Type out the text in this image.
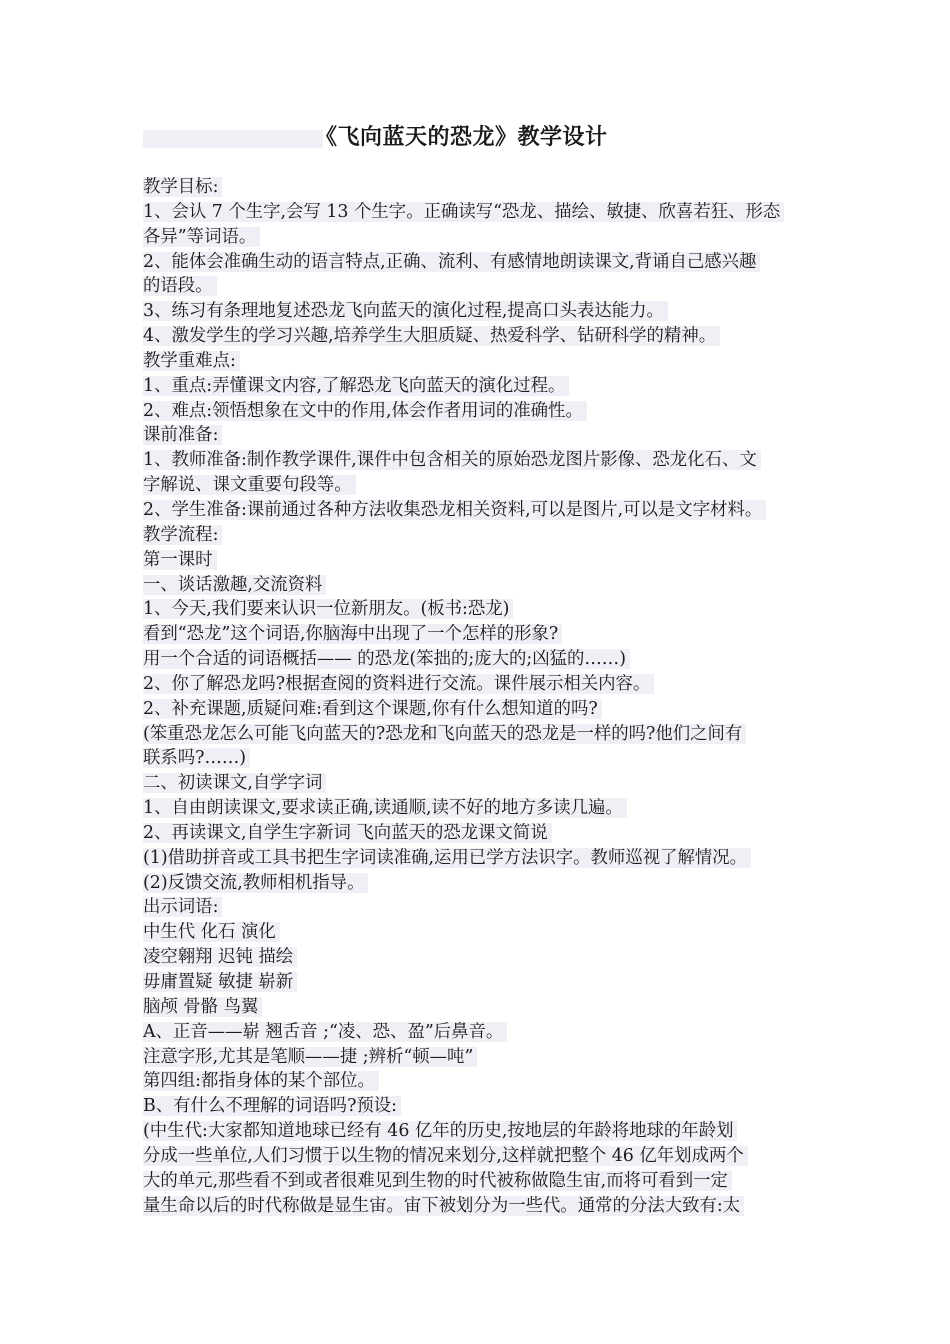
《飞向蓝天的恐龙》教学设计
教学目标:
1、会认 7 个生字,会写 13 个生字。正确读写“恐龙、描绘、敏捷、欣喜若狂、形态
各异”等词语。
2、能体会准确生动的语言特点,正确、流利、有感情地朗读课文,背诵自己感兴趣
的语段。
3、练习有条理地复述恐龙飞向蓝天的演化过程,提高口头表达能力。
4、激发学生的学习兴趣,培养学生大胆质疑、热爱科学、钻研科学的精神。
教学重难点:
1、重点:弄懂课文内容,了解恐龙飞向蓝天的演化过程。
2、难点:领悟想象在文中的作用,体会作者用词的准确性。
课前准备:
1、教师准备:制作教学课件,课件中包含相关的原始恐龙图片影像、恐龙化石、文
字解说、课文重要句段等。
2、学生准备:课前通过各种方法收集恐龙相关资料,可以是图片,可以是文字材料。
教学流程:
第一课时
一、谈话激趣,交流资料
1、今天,我们要来认识一位新朋友。(板书:恐龙)
看到“恐龙”这个词语,你脑海中出现了一个怎样的形象?
用一个合适的词语概括—— 的恐龙(笨拙的;庞大的;凶猛的……)
2、你了解恐龙吗?根据查阅的资料进行交流。课件展示相关内容。
2、补充课题,质疑问难:看到这个课题,你有什么想知道的吗?
(笨重恐龙怎么可能飞向蓝天的?恐龙和飞向蓝天的恐龙是一样的吗?他们之间有
联系吗?……)
二、初读课文,自学字词
1、自由朗读课文,要求读正确,读通顺,读不好的地方多读几遍。
2、再读课文,自学生字新词 飞向蓝天的恐龙课文简说
(1)借助拼音或工具书把生字词读准确,运用已学方法识字。教师巡视了解情况。
(2)反馈交流,教师相机指导。
出示词语:
中生代 化石 演化
凌空翱翔 迟钝 描绘
毋庸置疑 敏捷 崭新
脑颅 骨骼 鸟翼
A、正音——崭 翘舌音 ;“凌、恐、盈”后鼻音。
注意字形,尤其是笔顺——捷 ;辨析“顿—吨”
第四组:都指身体的某个部位。
B、有什么不理解的词语吗?预设:
(中生代:大家都知道地球已经有 46 亿年的历史,按地层的年龄将地球的年龄划
分成一些单位,人们习惯于以生物的情况来划分,这样就把整个 46 亿年划成两个
大的单元,那些看不到或者很难见到生物的时代被称做隐生宙,而将可看到一定
量生命以后的时代称做是显生宙。宙下被划分为一些代。通常的分法大致有:太
